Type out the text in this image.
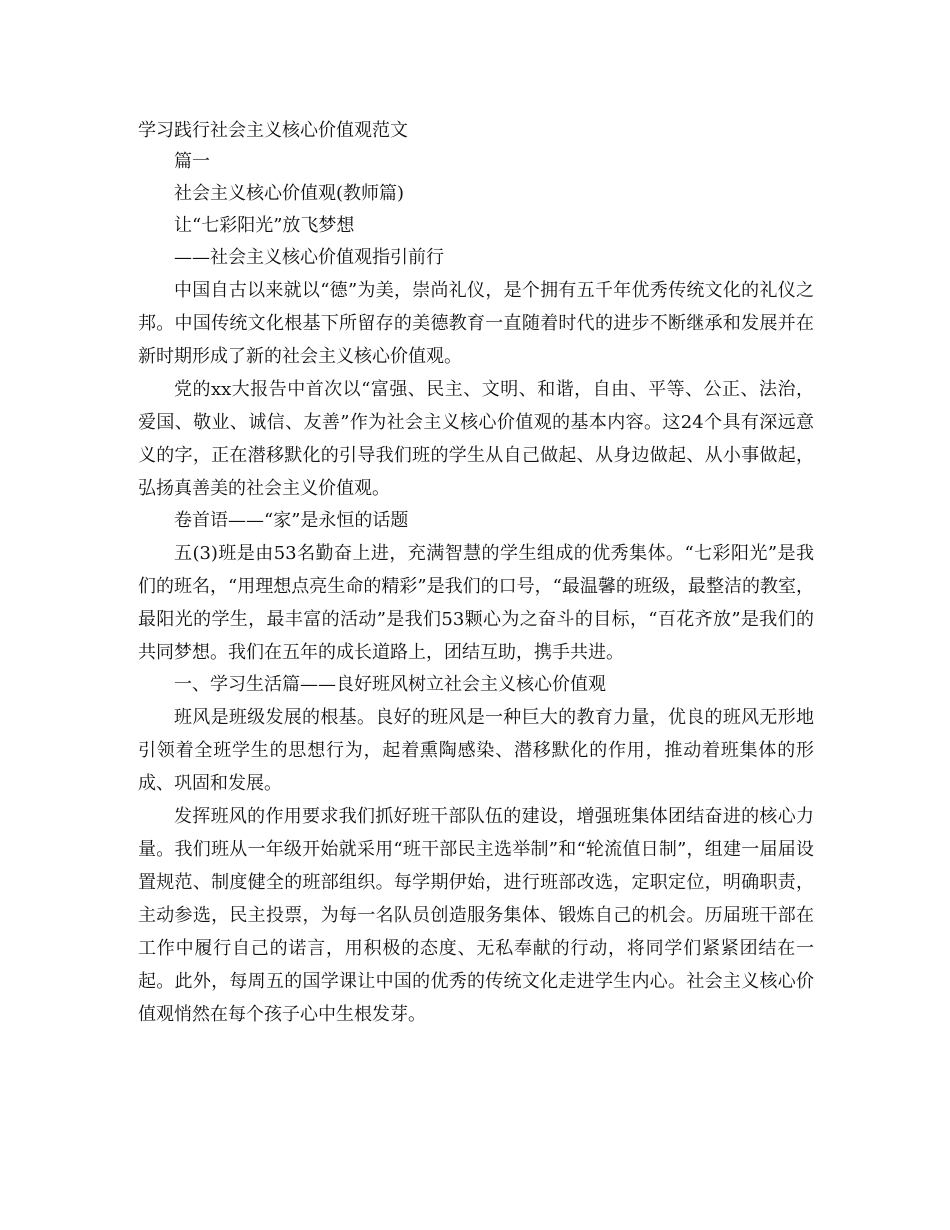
学习践行社会主义核心价值观范文
篇一
社会主义核心价值观(教师篇)
让“七彩阳光”放飞梦想
——社会主义核心价值观指引前行

中国自古以来就以“德”为美，崇尚礼仪，是个拥有五千年优秀传统文化的礼仪之邦。中国传统文化根基下所留存的美德教育一直随着时代的进步不断继承和发展并在新时期形成了新的社会主义核心价值观。

党的xx大报告中首次以“富强、民主、文明、和谐，自由、平等、公正、法治，爱国、敬业、诚信、友善”作为社会主义核心价值观的基本内容。这24个具有深远意义的字，正在潜移默化的引导我们班的学生从自己做起、从身边做起、从小事做起，弘扬真善美的社会主义价值观。

卷首语——“家”是永恒的话题

五(3)班是由53名勤奋上进，充满智慧的学生组成的优秀集体。“七彩阳光”是我们的班名，“用理想点亮生命的精彩”是我们的口号，“最温馨的班级，最整洁的教室，最阳光的学生，最丰富的活动”是我们53颗心为之奋斗的目标，“百花齐放”是我们的共同梦想。我们在五年的成长道路上，团结互助，携手共进。

一、学习生活篇——良好班风树立社会主义核心价值观

班风是班级发展的根基。良好的班风是一种巨大的教育力量，优良的班风无形地引领着全班学生的思想行为，起着熏陶感染、潜移默化的作用，推动着班集体的形成、巩固和发展。

发挥班风的作用要求我们抓好班干部队伍的建设，增强班集体团结奋进的核心力量。我们班从一年级开始就采用“班干部民主选举制”和“轮流值日制”，组建一届届设置规范、制度健全的班部组织。每学期伊始，进行班部改选，定职定位，明确职责，主动参选，民主投票，为每一名队员创造服务集体、锻炼自己的机会。历届班干部在工作中履行自己的诺言，用积极的态度、无私奉献的行动，将同学们紧紧团结在一起。此外，每周五的国学课让中国的优秀的传统文化走进学生内心。社会主义核心价值观悄然在每个孩子心中生根发芽。
